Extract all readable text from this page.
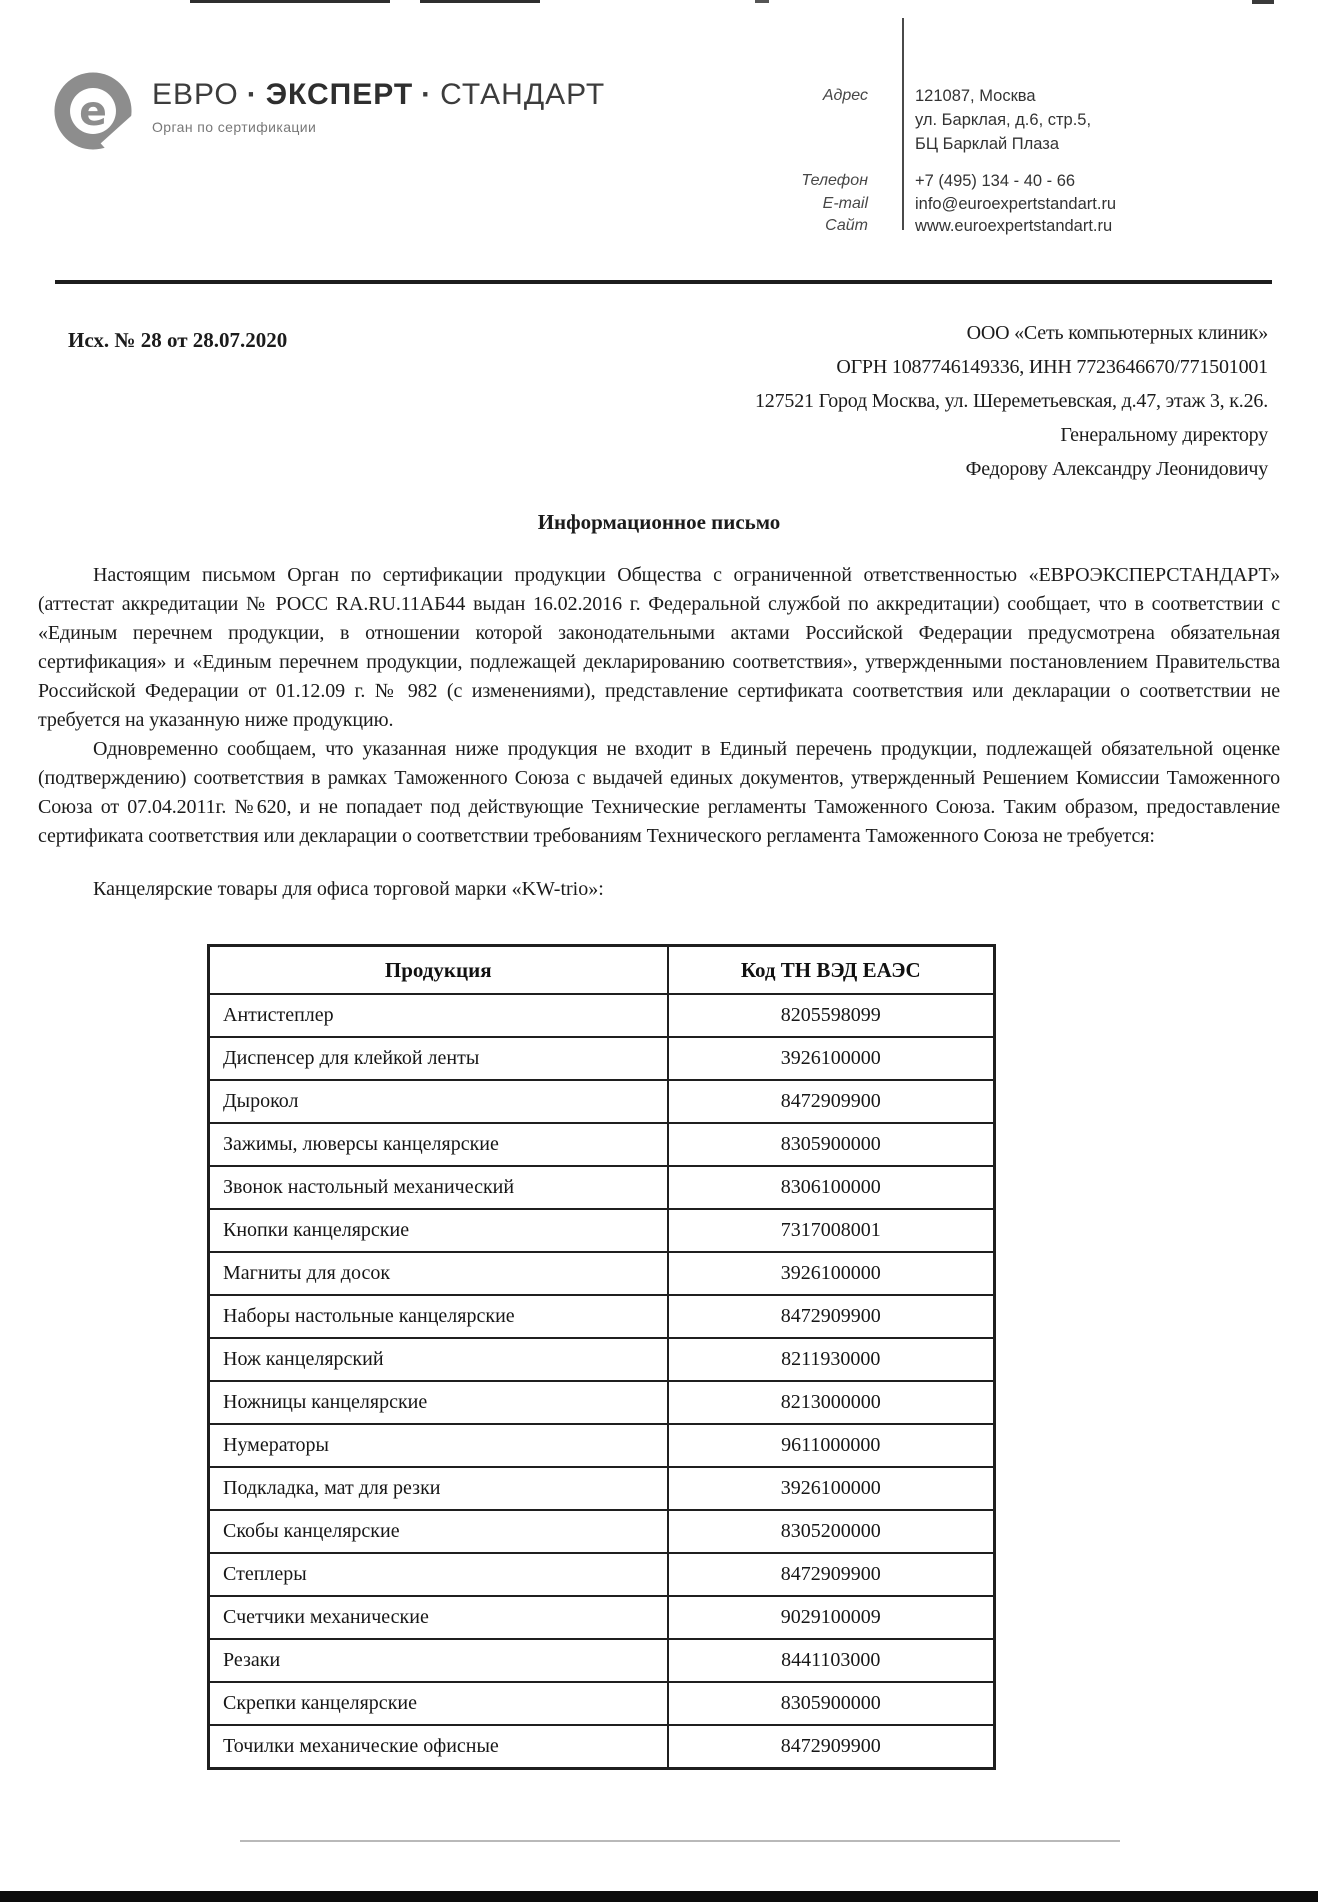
e ЕВРО · ЭКСПЕРТ · СТАНДАРТ
Орган по сертификации
Адрес	121087, Москва
ул. Барклая, д.6, стр.5,
БЦ Барклай Плаза
Телефон	+7 (495) 134 - 40 - 66
E-mail	info@euroexpertstandart.ru
Сайт	www.euroexpertstandart.ru
Исх. № 28 от 28.07.2020	ООО «Сеть компьютерных клиник»
ОГРН 1087746149336, ИНН 7723646670/771501001
127521 Город Москва, ул. Шереметьевская, д.47, этаж 3, к.26.
Генеральному директору
Федорову Александру Леонидовичу
Информационное письмо

Настоящим письмом Орган по сертификации продукции Общества с ограниченной ответственностью «ЕВРОЭКСПЕРСТАНДАРТ» (аттестат аккредитации № РОСС RA.RU.11АБ44 выдан 16.02.2016 г. Федеральной службой по аккредитации) сообщает, что в соответствии с «Единым перечнем продукции, в отношении которой законодательными актами Российской Федерации предусмотрена обязательная сертификация» и «Единым перечнем продукции, подлежащей декларированию соответствия», утвержденными постановлением Правительства Российской Федерации от 01.12.09 г. № 982 (с изменениями), представление сертификата соответствия или декларации о соответствии не требуется на указанную ниже продукцию.

Одновременно сообщаем, что указанная ниже продукция не входит в Единый перечень продукции, подлежащей обязательной оценке (подтверждению) соответствия в рамках Таможенного Союза с выдачей единых документов, утвержденный Решением Комиссии Таможенного Союза от 07.04.2011г. №620, и не попадает под действующие Технические регламенты Таможенного Союза. Таким образом, предоставление сертификата соответствия или декларации о соответствии требованиям Технического регламента Таможенного Союза не требуется:

Канцелярские товары для офиса торговой марки «KW-trio»:
Продукция	Код ТН ВЭД ЕАЭС
Антистеплер	8205598099
Диспенсер для клейкой ленты	3926100000
Дырокол	8472909900
Зажимы, люверсы канцелярские	8305900000
Звонок настольный механический	8306100000
Кнопки канцелярские	7317008001
Магниты для досок	3926100000
Наборы настольные канцелярские	8472909900
Нож канцелярский	8211930000
Ножницы канцелярские	8213000000
Нумераторы	9611000000
Подкладка, мат для резки	3926100000
Скобы канцелярские	8305200000
Степлеры	8472909900
Счетчики механические	9029100009
Резаки	8441103000
Скрепки канцелярские	8305900000
Точилки механические офисные	8472909900
